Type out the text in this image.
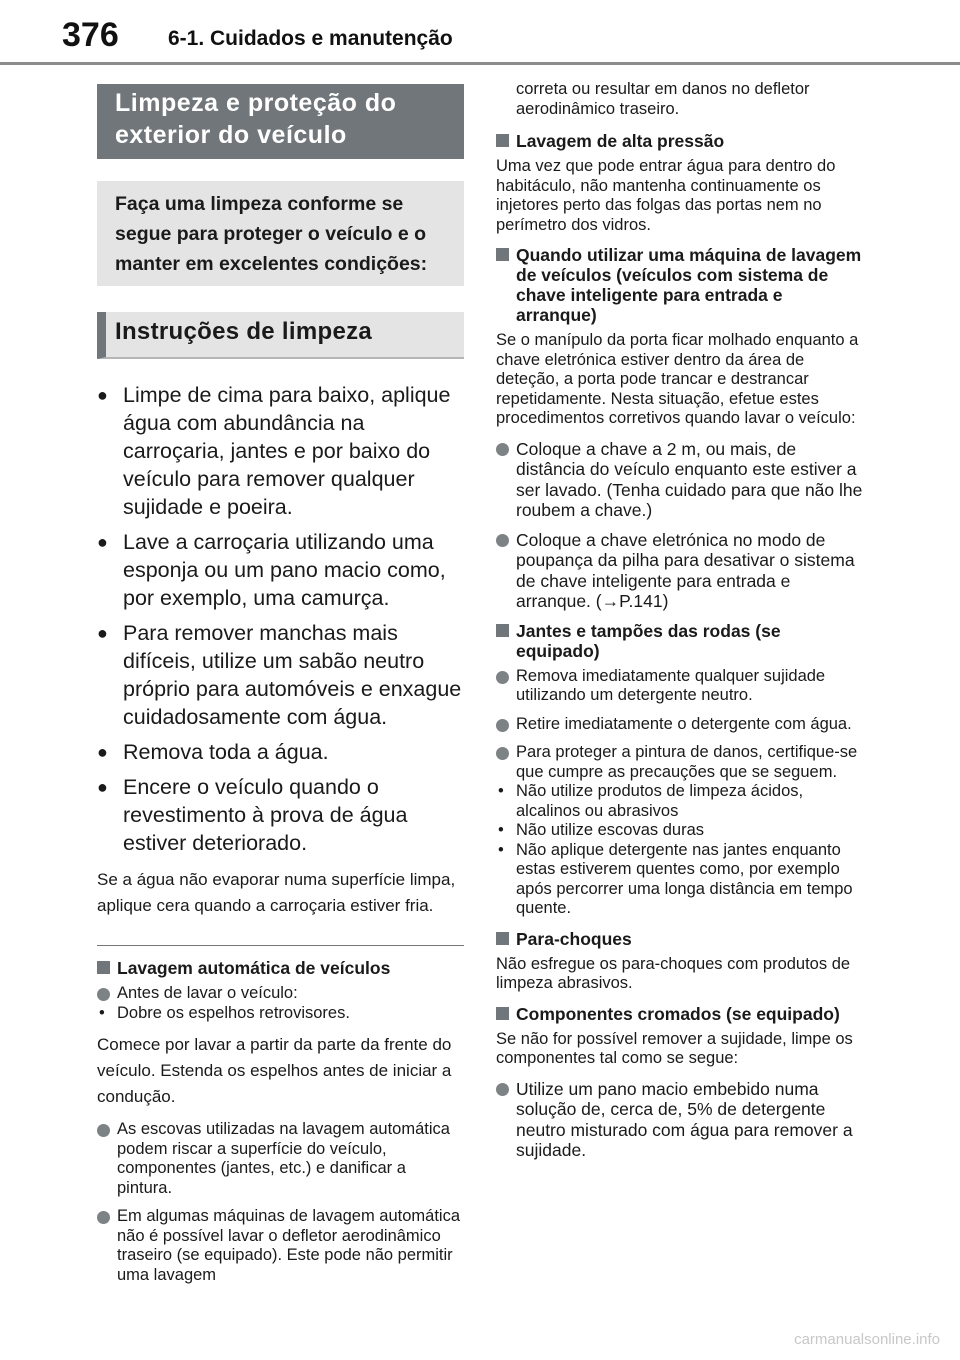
376 6-1. Cuidados e manutenção
Limpeza e proteção do
exterior do veículo
Faça uma limpeza conforme se segue para proteger o veículo e o manter em excelentes condições:
Instruções de limpeza
● Limpe de cima para baixo, aplique água com abundância na carroçaria, jantes e por baixo do veículo para remover qualquer sujidade e poeira.
● Lave a carroçaria utilizando uma esponja ou um pano macio como, por exemplo, uma camurça.
● Para remover manchas mais difíceis, utilize um sabão neutro próprio para automóveis e enxague cuidadosamente com água.
● Remova toda a água.
● Encere o veículo quando o revestimento à prova de água estiver deteriorado.

Se a água não evaporar numa superfície limpa, aplique cera quando a carroçaria estiver fria.

Lavagem automática de veículos
Antes de lavar o veículo:
• Dobre os espelhos retrovisores.

Comece por lavar a partir da parte da frente do veículo. Estenda os espelhos antes de iniciar a condução.

As escovas utilizadas na lavagem automática podem riscar a superfície do veículo, componentes (jantes, etc.) e danificar a pintura.
Em algumas máquinas de lavagem automática não é possível lavar o defletor aerodinâmico traseiro (se equipado). Este pode não permitir uma lavagem
correta ou resultar em danos no defletor aerodinâmico traseiro.
Lavagem de alta pressão

Uma vez que pode entrar água para dentro do habitáculo, não mantenha continuamente os injetores perto das folgas das portas nem no perímetro dos vidros.

Quando utilizar uma máquina de lavagem de veículos (veículos com sistema de chave inteligente para entrada e arranque)

Se o manípulo da porta ficar molhado enquanto a chave eletrónica estiver dentro da área de deteção, a porta pode trancar e destrancar repetidamente. Nesta situação, efetue estes procedimentos corretivos quando lavar o veículo:

Coloque a chave a 2 m, ou mais, de distância do veículo enquanto este estiver a ser lavado. (Tenha cuidado para que não lhe roubem a chave.)
Coloque a chave eletrónica no modo de poupança da pilha para desativar o sistema de chave inteligente para entrada e arranque. (→P.141)
Jantes e tampões das rodas (se equipado)
Remova imediatamente qualquer sujidade utilizando um detergente neutro.
Retire imediatamente o detergente com água.
Para proteger a pintura de danos, certifique-se que cumpre as precauções que se seguem.
• Não utilize produtos de limpeza ácidos, alcalinos ou abrasivos
• Não utilize escovas duras
• Não aplique detergente nas jantes enquanto estas estiverem quentes como, por exemplo após percorrer uma longa distância em tempo quente.
Para-choques

Não esfregue os para-choques com produtos de limpeza abrasivos.

Componentes cromados (se equipado)

Se não for possível remover a sujidade, limpe os componentes tal como se segue:

Utilize um pano macio embebido numa solução de, cerca de, 5% de detergente neutro misturado com água para remover a sujidade.
carmanualsonline.info
